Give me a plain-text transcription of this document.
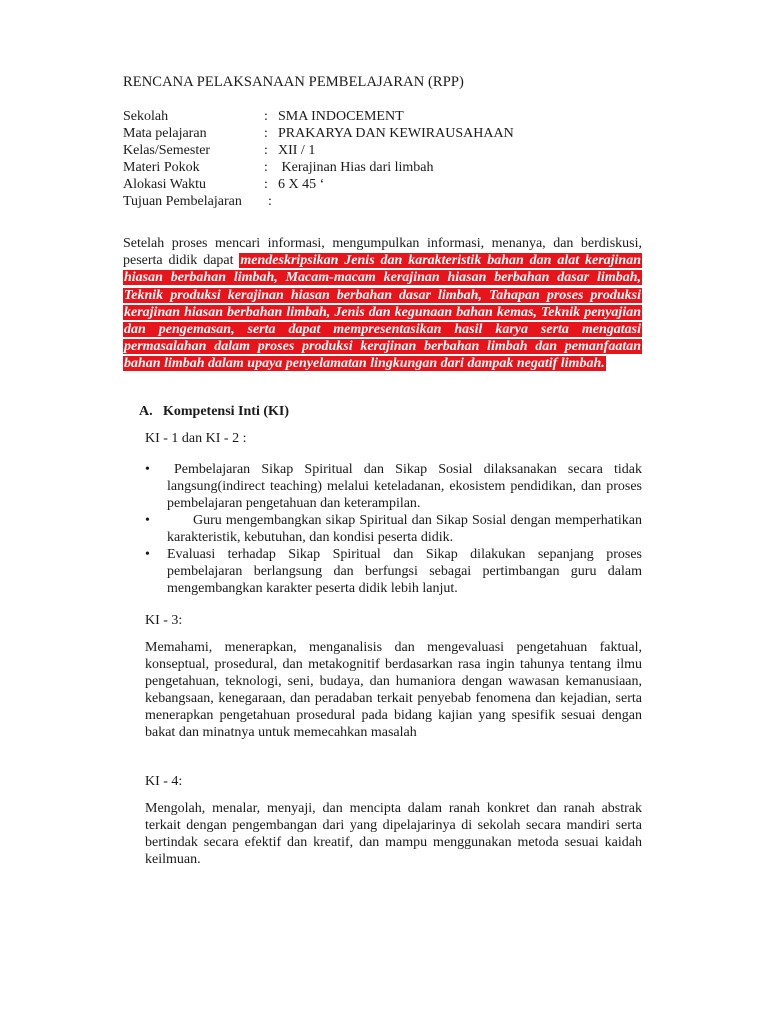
RENCANA PELAKSANAAN PEMBELAJARAN (RPP)
Sekolah	: SMA INDOCEMENT
Mata pelajaran	: PRAKARYA DAN KEWIRAUSAHAAN
Kelas/Semester	: XII / 1
Materi Pokok	: Kerajinan Hias dari limbah
Alokasi Waktu	: 6 X 45 ‘
Tujuan Pembelajaran	:
Setelah proses mencari informasi, mengumpulkan informasi, menanya, dan berdiskusi, peserta didik dapat mendeskripsikan Jenis dan karakteristik bahan dan alat kerajinan hiasan berbahan limbah, Macam-macam kerajinan hiasan berbahan dasar limbah, Teknik produksi kerajinan hiasan berbahan dasar limbah, Tahapan proses produksi kerajinan hiasan berbahan limbah, Jenis dan kegunaan bahan kemas, Teknik penyajian dan pengemasan, serta dapat mempresentasikan hasil karya serta mengatasi permasalahan dalam proses produksi kerajinan berbahan limbah dan pemanfaatan bahan limbah dalam upaya penyelamatan lingkungan dari dampak negatif limbah.
A. Kompetensi Inti (KI)
KI - 1 dan KI - 2 :
•	Pembelajaran Sikap Spiritual dan Sikap Sosial dilaksanakan secara tidak langsung(indirect teaching) melalui keteladanan, ekosistem pendidikan, dan proses pembelajaran pengetahuan dan keterampilan.
•	Guru mengembangkan sikap Spiritual dan Sikap Sosial dengan memperhatikan karakteristik, kebutuhan, dan kondisi peserta didik.
•	Evaluasi terhadap Sikap Spiritual dan Sikap dilakukan sepanjang proses pembelajaran berlangsung dan berfungsi sebagai pertimbangan guru dalam mengembangkan karakter peserta didik lebih lanjut.
KI - 3:
Memahami, menerapkan, menganalisis dan mengevaluasi pengetahuan faktual, konseptual, prosedural, dan metakognitif berdasarkan rasa ingin tahunya tentang ilmu pengetahuan, teknologi, seni, budaya, dan humaniora dengan wawasan kemanusiaan, kebangsaan, kenegaraan, dan peradaban terkait penyebab fenomena dan kejadian, serta menerapkan pengetahuan prosedural pada bidang kajian yang spesifik sesuai dengan bakat dan minatnya untuk memecahkan masalah
KI - 4:
Mengolah, menalar, menyaji, dan mencipta dalam ranah konkret dan ranah abstrak terkait dengan pengembangan dari yang dipelajarinya di sekolah secara mandiri serta bertindak secara efektif dan kreatif, dan mampu menggunakan metoda sesuai kaidah keilmuan.
